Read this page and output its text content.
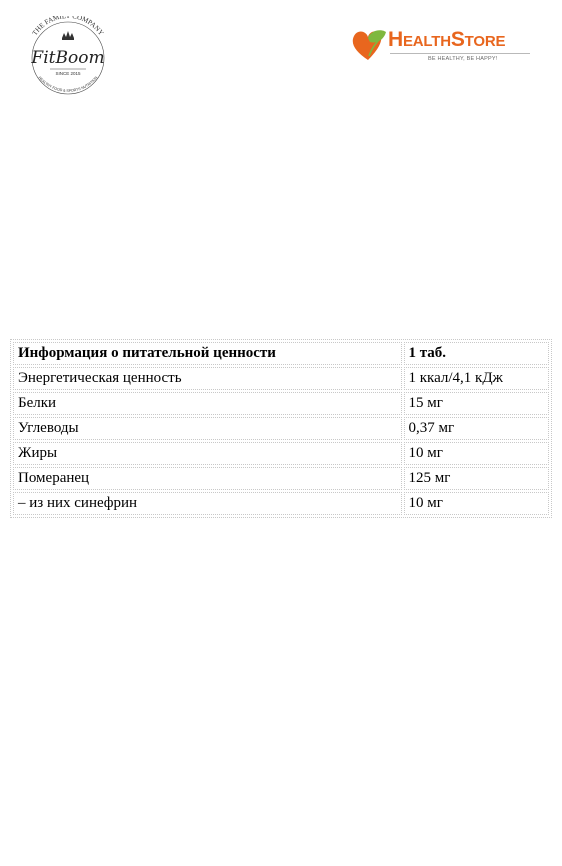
THE FAMILY COMPANY
FitBoom
SINCE 2015
HEALTHY FOOD & SPORTS NUTRITION
HealthStore
BE HEALTHY, BE HAPPY!
Информация о питательной ценности	1 таб.
Энергетическая ценность	1 ккал/4,1 кДж
Белки	15 мг
Углеводы	0,37 мг
Жиры	10 мг
Померанец	125 мг
– из них синефрин	10 мг
